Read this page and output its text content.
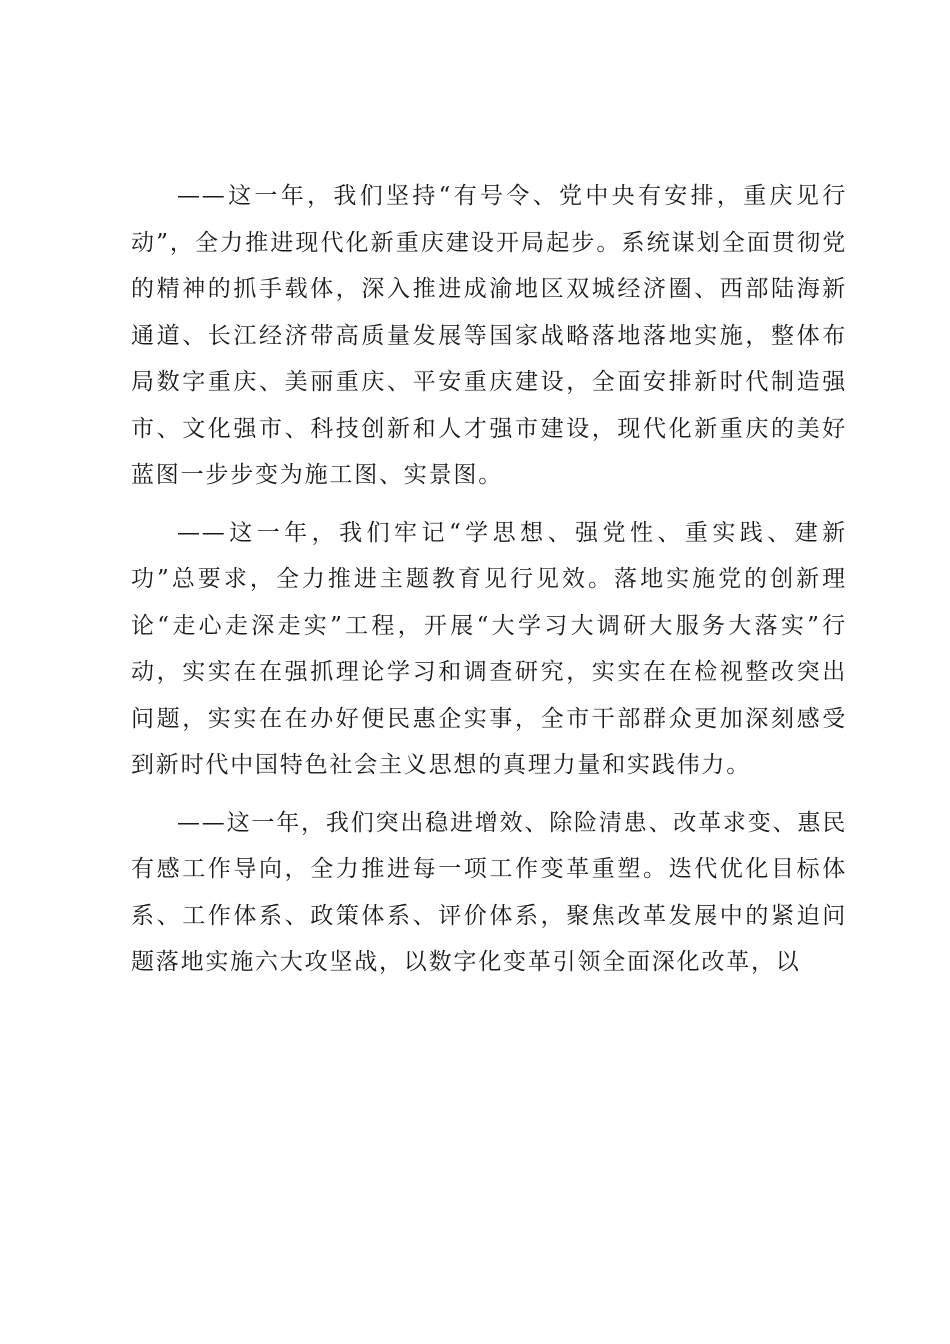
——这一年，我们坚持“有号令、党中央有安排，重庆见行动”，全力推进现代化新重庆建设开局起步。系统谋划全面贯彻党的精神的抓手载体，深入推进成渝地区双城经济圈、西部陆海新通道、长江经济带高质量发展等国家战略落地落地实施，整体布局数字重庆、美丽重庆、平安重庆建设，全面安排新时代制造强市、文化强市、科技创新和人才强市建设，现代化新重庆的美好蓝图一步步变为施工图、实景图。

——这一年，我们牢记“学思想、强党性、重实践、建新功”总要求，全力推进主题教育见行见效。落地实施党的创新理论“走心走深走实”工程，开展“大学习大调研大服务大落实”行动，实实在在强抓理论学习和调查研究，实实在在检视整改突出问题，实实在在办好便民惠企实事，全市干部群众更加深刻感受到新时代中国特色社会主义思想的真理力量和实践伟力。

——这一年，我们突出稳进增效、除险清患、改革求变、惠民有感工作导向，全力推进每一项工作变革重塑。迭代优化目标体系、工作体系、政策体系、评价体系，聚焦改革发展中的紧迫问题落地实施六大攻坚战，以数字化变革引领全面深化改革，以
